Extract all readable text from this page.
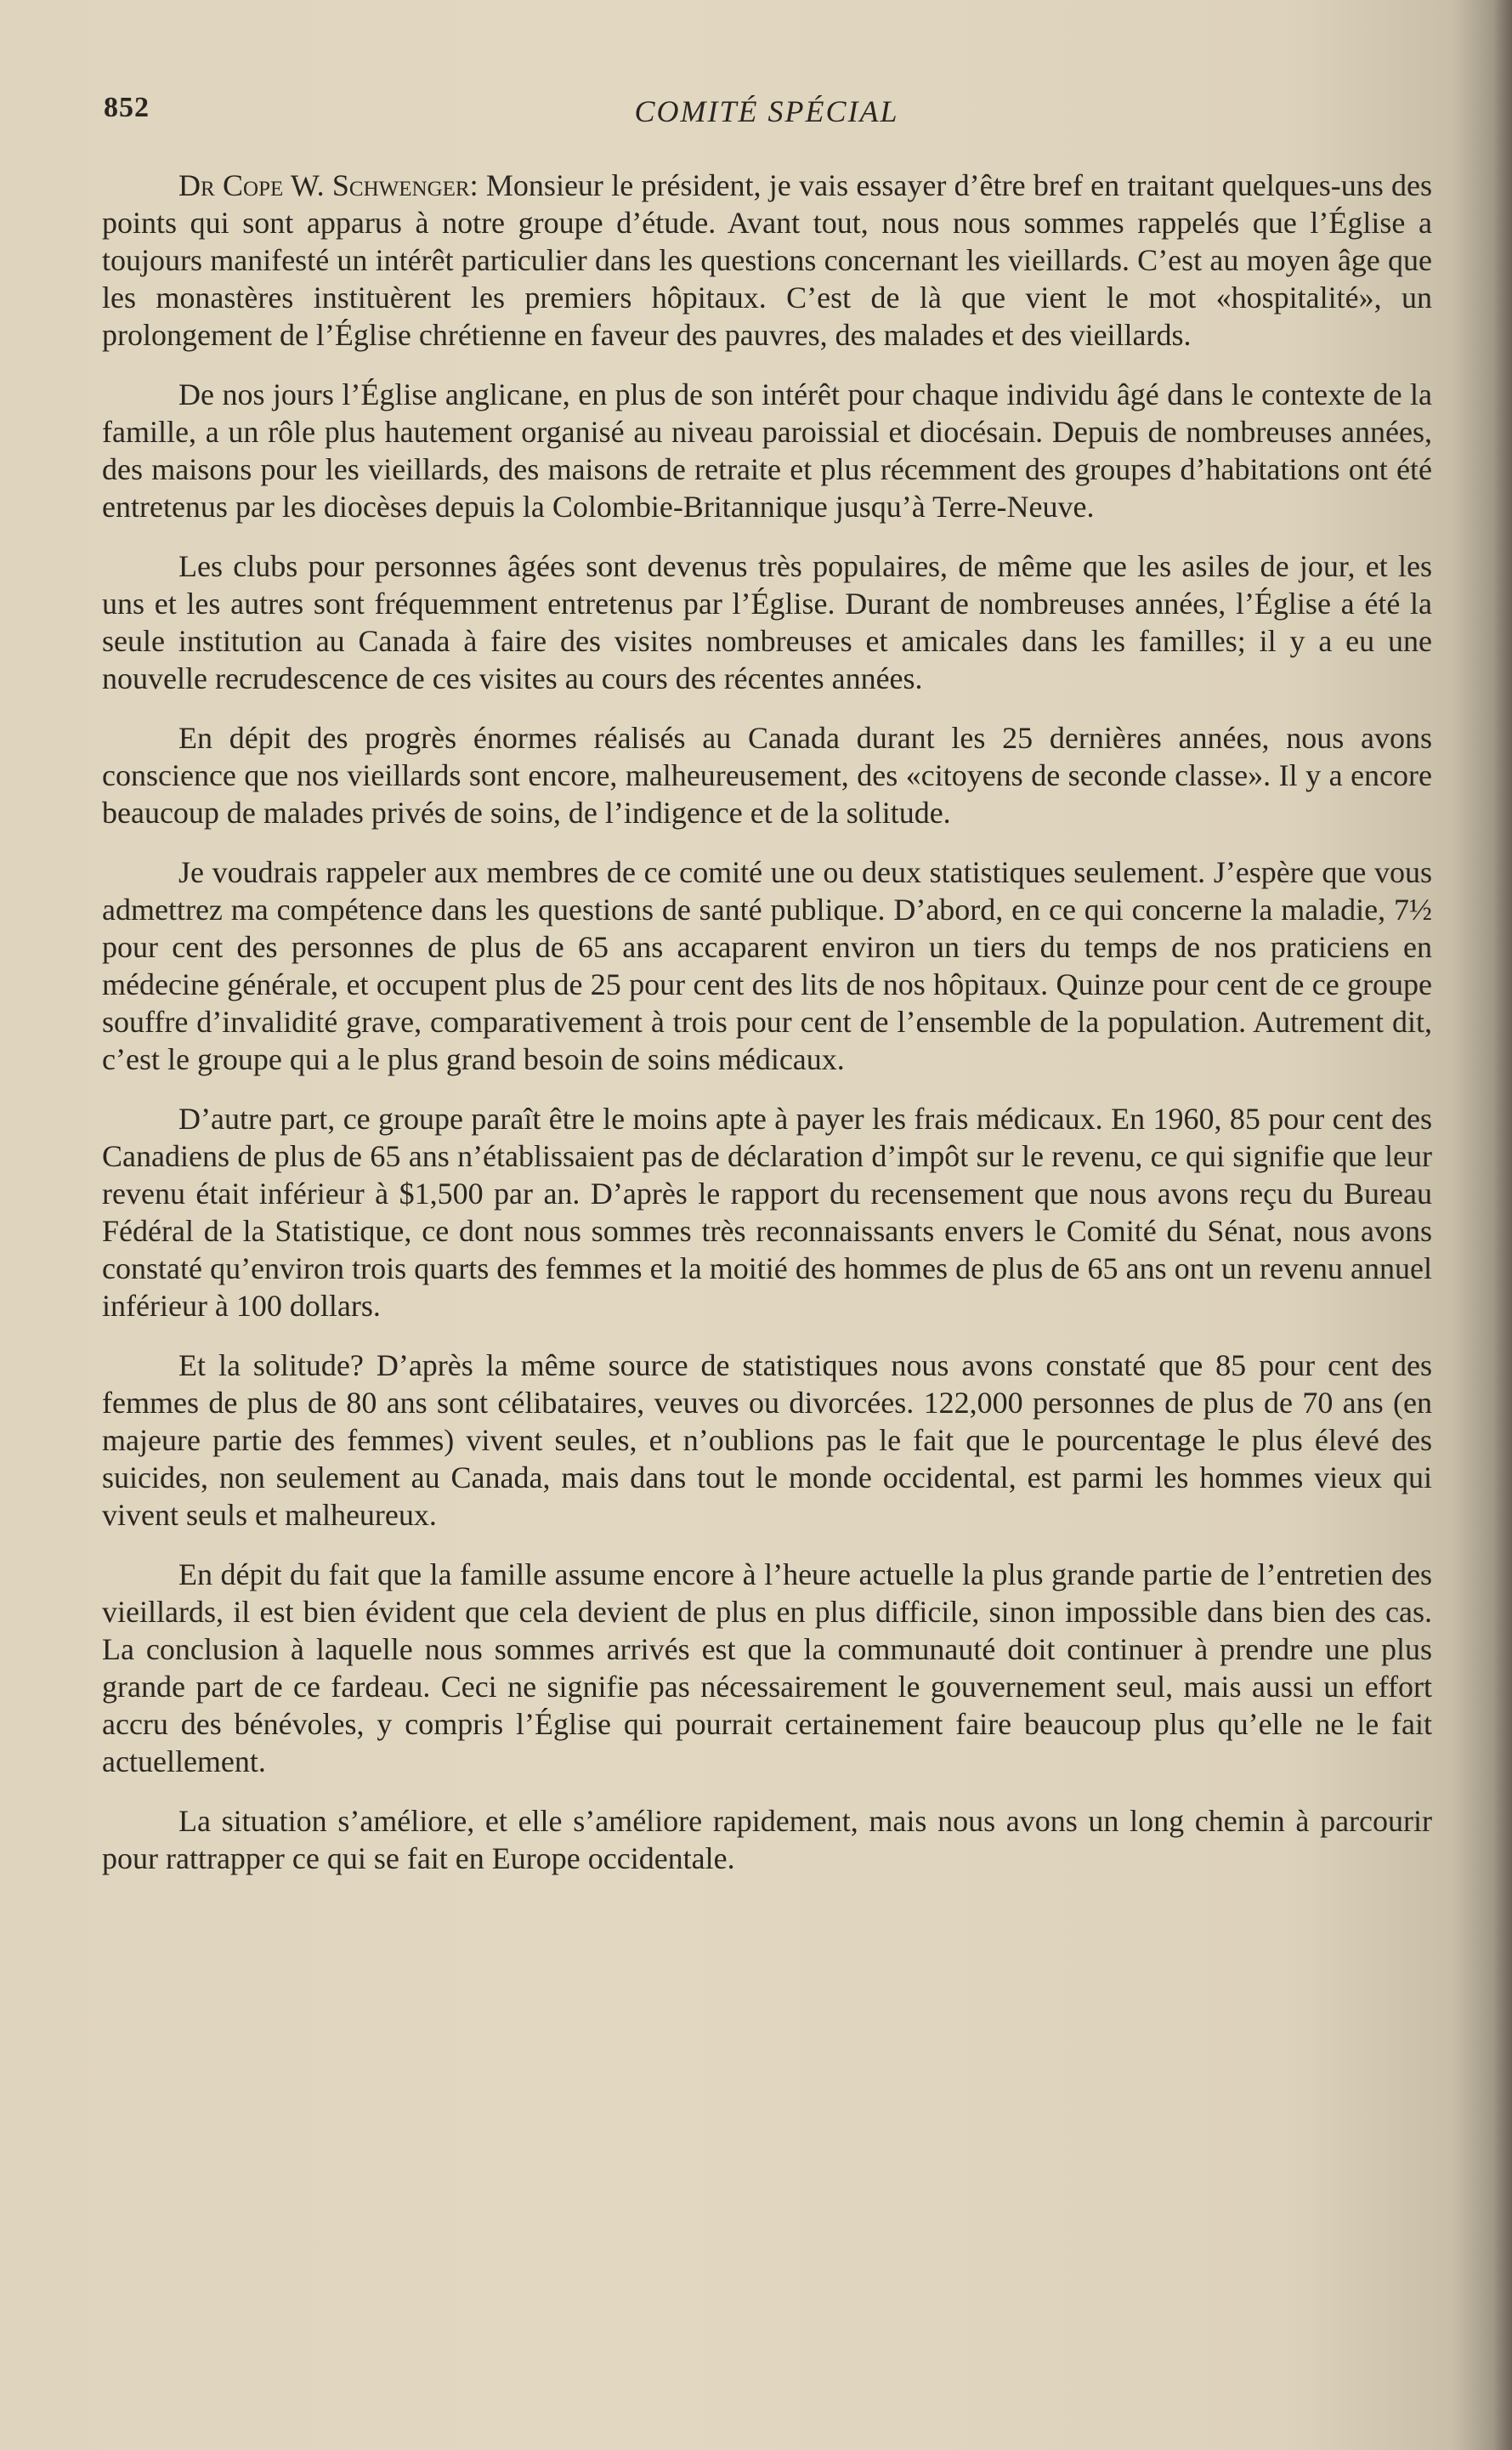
852	COMITÉ SPÉCIAL

Dr Cope W. Schwenger: Monsieur le président, je vais essayer d’être bref en traitant quelques-uns des points qui sont apparus à notre groupe d’étude. Avant tout, nous nous sommes rappelés que l’Église a toujours manifesté un intérêt particulier dans les questions concernant les vieillards. C’est au moyen âge que les monastères instituèrent les premiers hôpitaux. C’est de là que vient le mot «hospitalité», un prolongement de l’Église chrétienne en faveur des pauvres, des malades et des vieillards.

De nos jours l’Église anglicane, en plus de son intérêt pour chaque individu âgé dans le contexte de la famille, a un rôle plus hautement organisé au niveau paroissial et diocésain. Depuis de nombreuses années, des maisons pour les vieillards, des maisons de retraite et plus récemment des groupes d’habitations ont été entretenus par les diocèses depuis la Colombie-Britannique jusqu’à Terre-Neuve.

Les clubs pour personnes âgées sont devenus très populaires, de même que les asiles de jour, et les uns et les autres sont fréquemment entretenus par l’Église. Durant de nombreuses années, l’Église a été la seule institution au Canada à faire des visites nombreuses et amicales dans les familles; il y a eu une nouvelle recrudescence de ces visites au cours des récentes années.

En dépit des progrès énormes réalisés au Canada durant les 25 dernières années, nous avons conscience que nos vieillards sont encore, malheureusement, des «citoyens de seconde classe». Il y a encore beaucoup de malades privés de soins, de l’indigence et de la solitude.

Je voudrais rappeler aux membres de ce comité une ou deux statistiques seulement. J’espère que vous admettrez ma compétence dans les questions de santé publique. D’abord, en ce qui concerne la maladie, 7½ pour cent des personnes de plus de 65 ans accaparent environ un tiers du temps de nos praticiens en médecine générale, et occupent plus de 25 pour cent des lits de nos hôpitaux. Quinze pour cent de ce groupe souffre d’invalidité grave, comparativement à trois pour cent de l’ensemble de la population. Autrement dit, c’est le groupe qui a le plus grand besoin de soins médicaux.

D’autre part, ce groupe paraît être le moins apte à payer les frais médicaux. En 1960, 85 pour cent des Canadiens de plus de 65 ans n’établissaient pas de déclaration d’impôt sur le revenu, ce qui signifie que leur revenu était inférieur à $1,500 par an. D’après le rapport du recensement que nous avons reçu du Bureau Fédéral de la Statistique, ce dont nous sommes très reconnaissants envers le Comité du Sénat, nous avons constaté qu’environ trois quarts des femmes et la moitié des hommes de plus de 65 ans ont un revenu annuel inférieur à 100 dollars.

Et la solitude? D’après la même source de statistiques nous avons constaté que 85 pour cent des femmes de plus de 80 ans sont célibataires, veuves ou divorcées. 122,000 personnes de plus de 70 ans (en majeure partie des femmes) vivent seules, et n’oublions pas le fait que le pourcentage le plus élevé des suicides, non seulement au Canada, mais dans tout le monde occidental, est parmi les hommes vieux qui vivent seuls et malheureux.

En dépit du fait que la famille assume encore à l’heure actuelle la plus grande partie de l’entretien des vieillards, il est bien évident que cela devient de plus en plus difficile, sinon impossible dans bien des cas. La conclusion à laquelle nous sommes arrivés est que la communauté doit continuer à prendre une plus grande part de ce fardeau. Ceci ne signifie pas nécessairement le gouvernement seul, mais aussi un effort accru des bénévoles, y compris l’Église qui pourrait certainement faire beaucoup plus qu’elle ne le fait actuellement.

La situation s’améliore, et elle s’améliore rapidement, mais nous avons un long chemin à parcourir pour rattrapper ce qui se fait en Europe occidentale.
